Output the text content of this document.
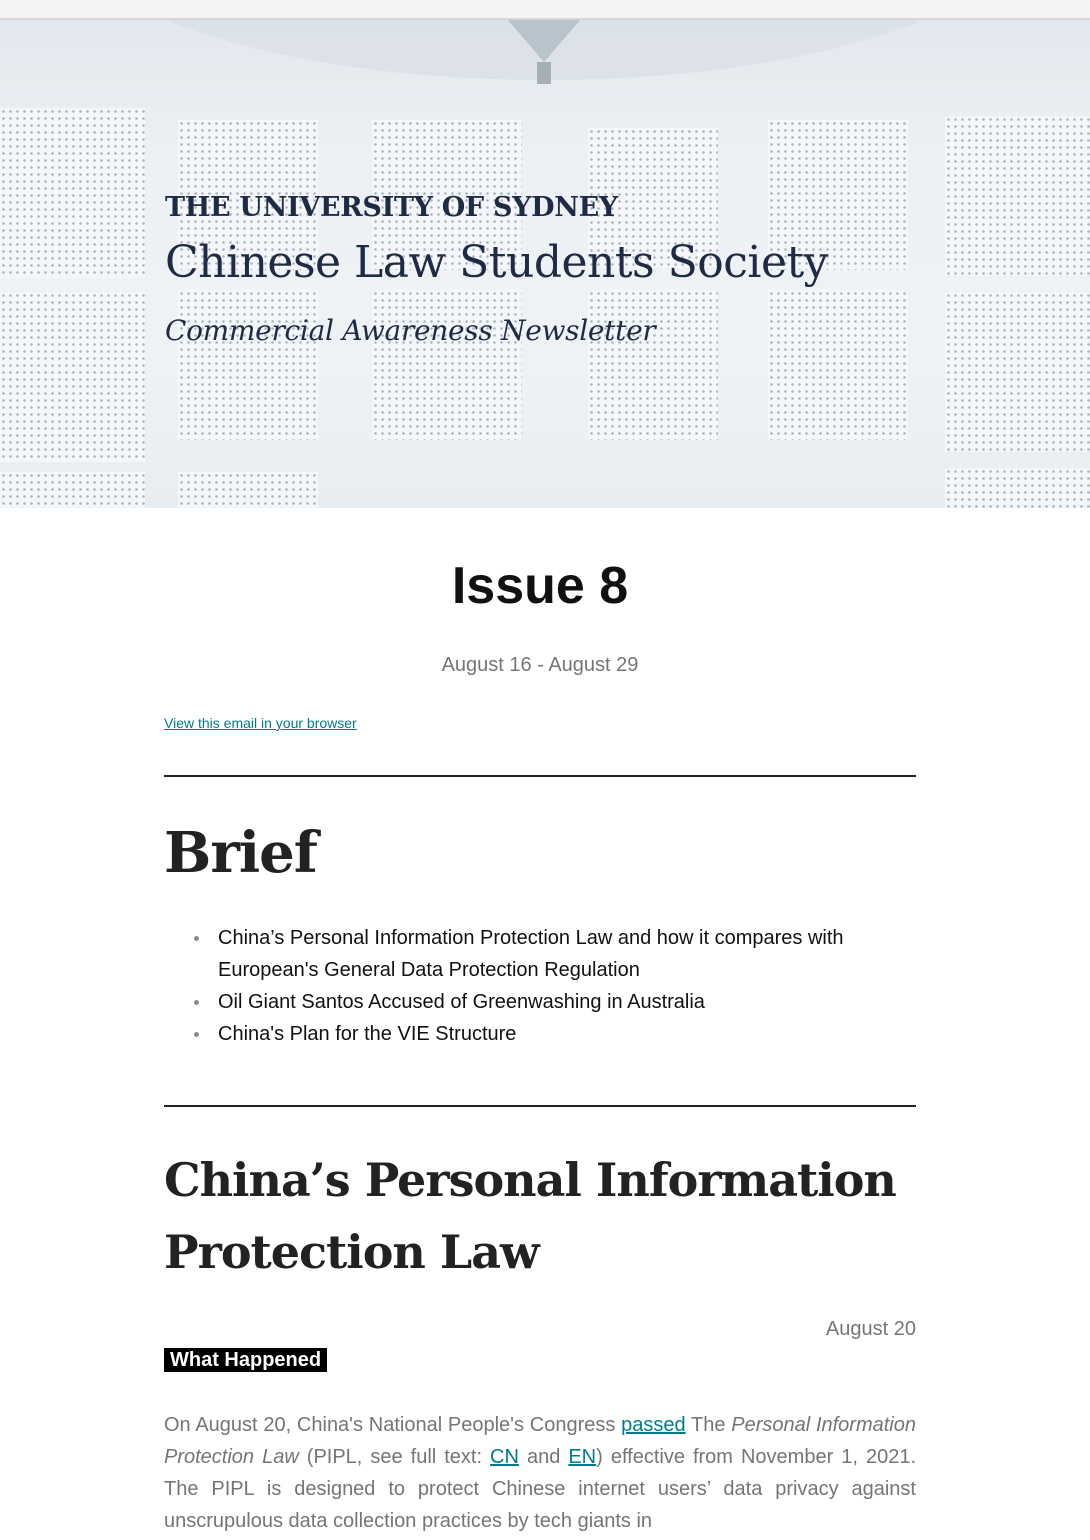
THE UNIVERSITY OF SYDNEY
Chinese Law Students Society
Commercial Awareness Newsletter
Issue 8
August 16 - August 29
View this email in your browser
Brief
China’s Personal Information Protection Law and how it compares with European's General Data Protection Regulation
Oil Giant Santos Accused of Greenwashing in Australia
China's Plan for the VIE Structure
China’s Personal Information
Protection Law
August 20
What Happened
On August 20, China's National People's Congress passed The Personal Information Protection Law (PIPL, see full text: CN and EN) effective from November 1, 2021. The PIPL is designed to protect Chinese internet users’ data privacy against unscrupulous data collection practices by tech giants in
